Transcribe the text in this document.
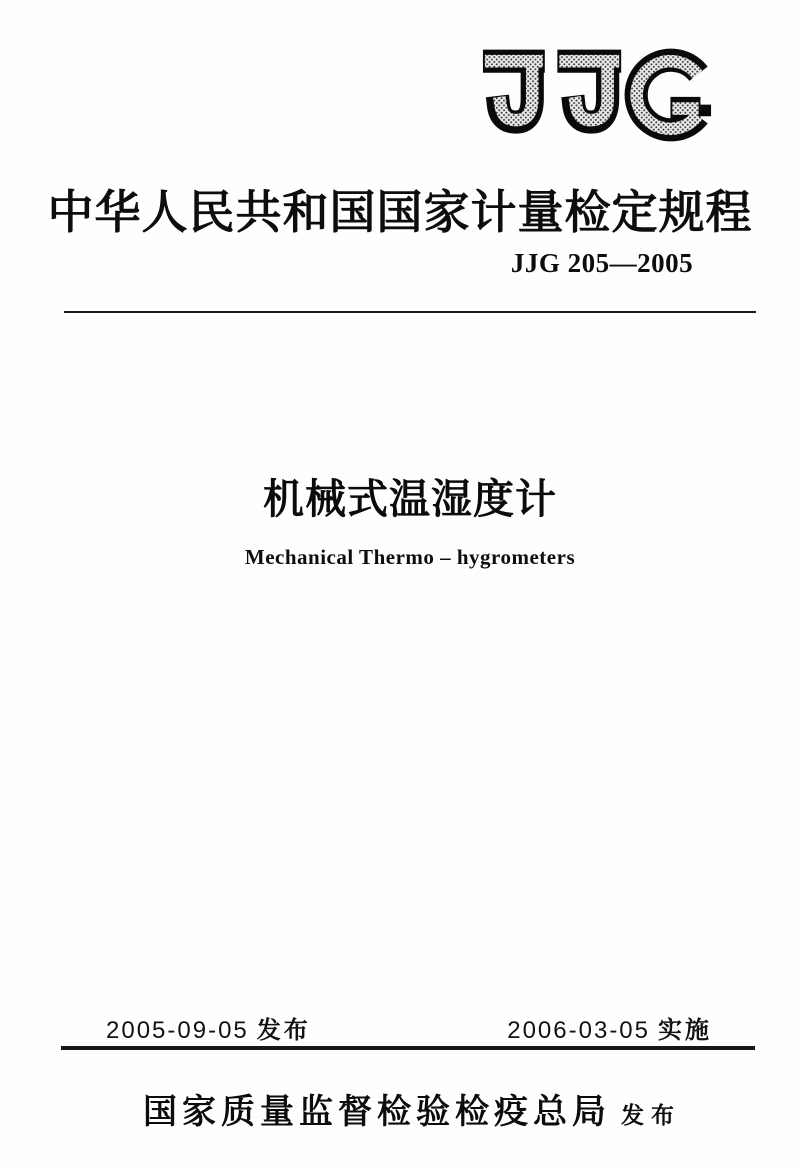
中华人民共和国国家计量检定规程
JJG 205—2005
机械式温湿度计
Mechanical Thermo – hygrometers
2005-09-05 发布	2006-03-05 实施
国家质量监督检验检疫总局 发布
